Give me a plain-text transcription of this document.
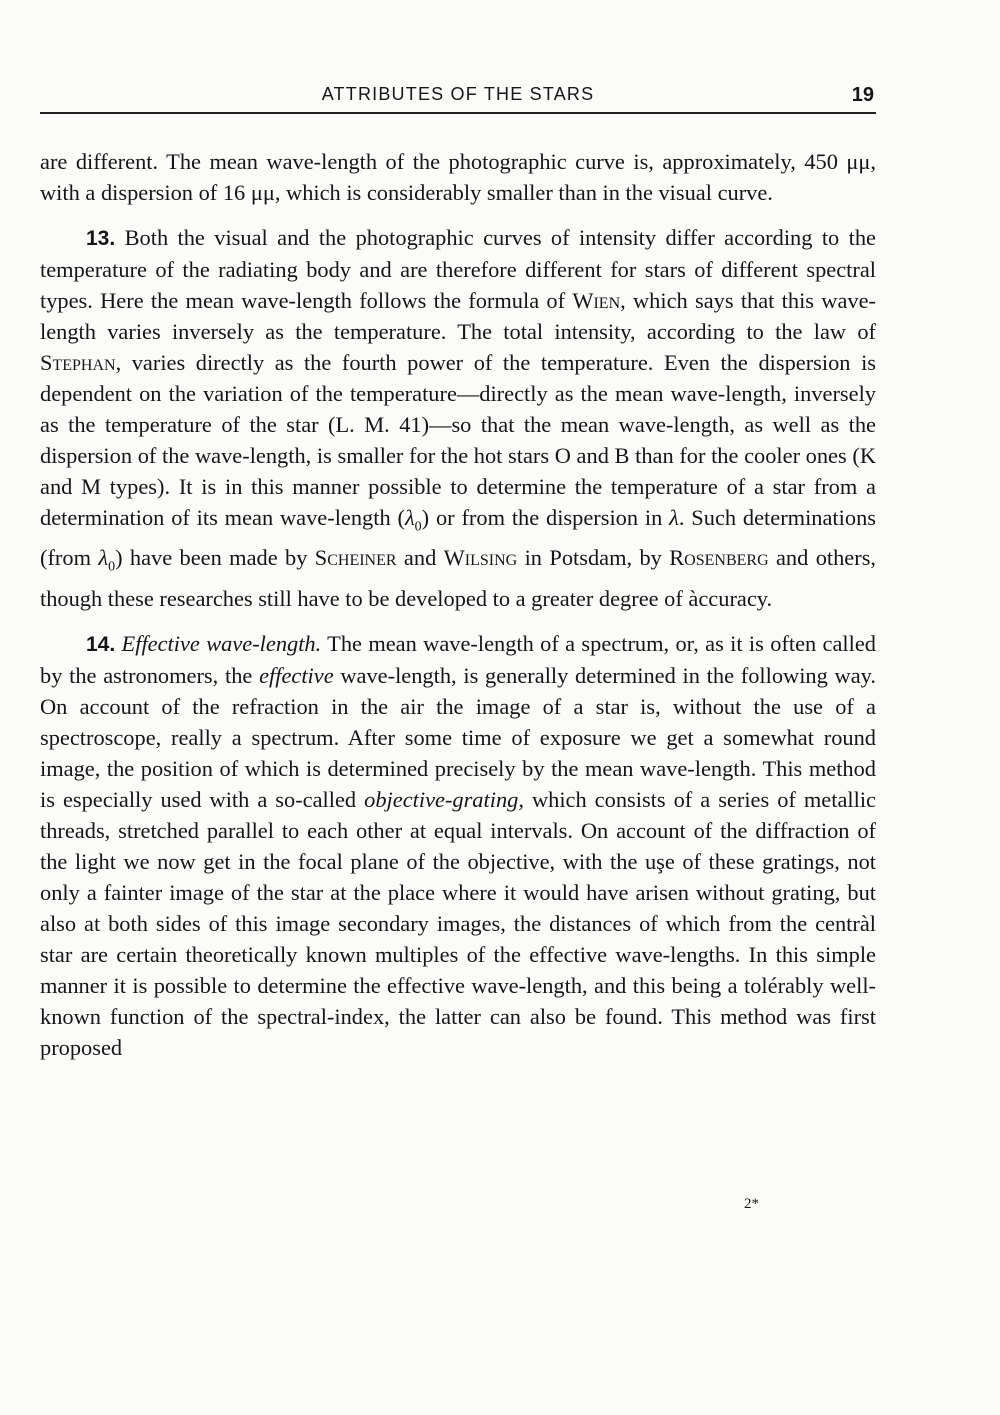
ATTRIBUTES OF THE STARS	19

are different. The mean wave-length of the photographic curve is, approximately, 450 μμ, with a dispersion of 16 μμ, which is considerably smaller than in the visual curve.

13. Both the visual and the photographic curves of intensity differ according to the temperature of the radiating body and are therefore different for stars of different spectral types. Here the mean wave-length follows the formula of Wien, which says that this wave-length varies inversely as the temperature. The total intensity, according to the law of Stephan, varies directly as the fourth power of the temperature. Even the dispersion is dependent on the variation of the temperature—directly as the mean wave-length, inversely as the temperature of the star (L. M. 41)—so that the mean wave-length, as well as the dispersion of the wave-length, is smaller for the hot stars O and B than for the cooler ones (K and M types). It is in this manner possible to determine the temperature of a star from a determination of its mean wave-length $(\lambda_0)$ or from the dispersion in λ. Such determinations (from $\lambda_0$) have been made by Scheiner and Wilsing in Potsdam, by Rosenberg and others, though these researches still have to be developed to a greater degree of àccuracy.

14. Effective wave-length. The mean wave-length of a spectrum, or, as it is often called by the astronomers, the effective wave-length, is generally determined in the following way. On account of the refraction in the air the image of a star is, without the use of a spectroscope, really a spectrum. After some time of exposure we get a somewhat round image, the position of which is determined precisely by the mean wave-length. This method is especially used with a so-called objective-grating, which consists of a series of metallic threads, stretched parallel to each other at equal intervals. On account of the diffraction of the light we now get in the focal plane of the objective, with the uşe of these gratings, not only a fainter image of the star at the place where it would have arisen without grating, but also at both sides of this image secondary images, the distances of which from the centràl star are certain theoretically known multiples of the effective wave-lengths. In this simple manner it is possible to determine the effective wave-length, and this being a tolérably well-known function of the spectral-index, the latter can also be found. This method was first proposed

2*
